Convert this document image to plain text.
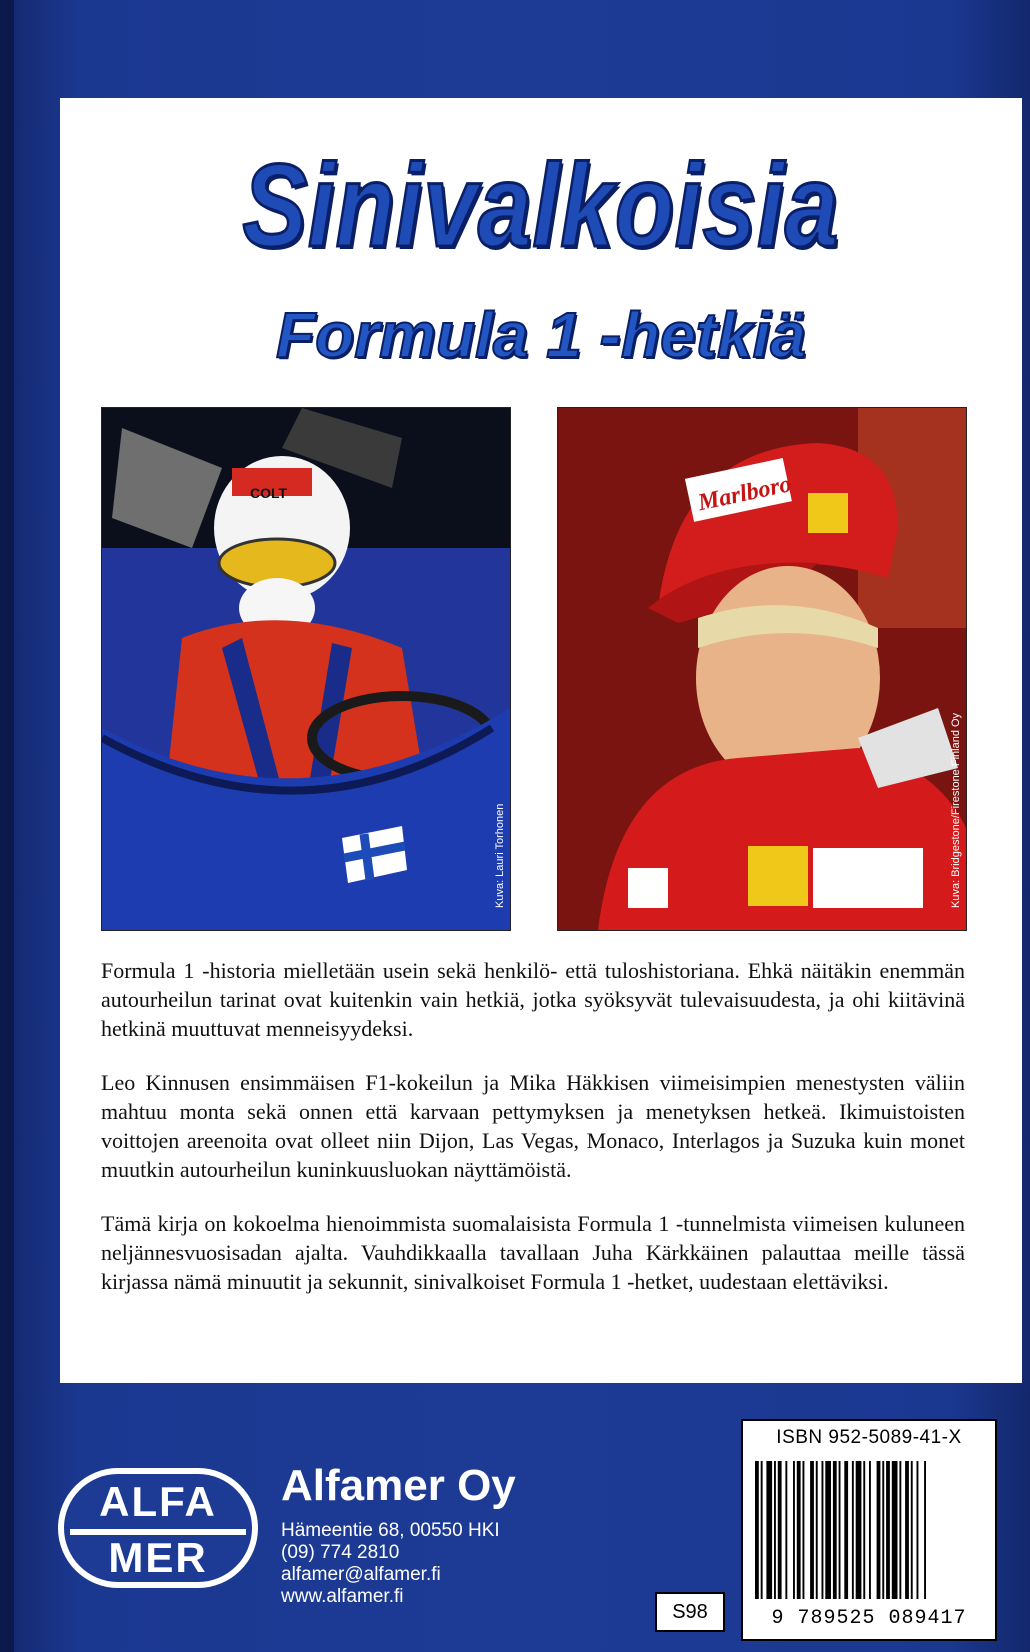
Sinivalkoisia
Formula 1 -hetkiä
COLT
Kuva: Lauri Torhonen
Marlboro
Kuva: Bridgestone/Firestone Finland Oy

Formula 1 -historia mielletään usein sekä henkilö- että tuloshistoriana. Ehkä näitäkin enemmän autourheilun tarinat ovat kuitenkin vain hetkiä, jotka syöksyvät tulevaisuudesta, ja ohi kiitävinä hetkinä muuttuvat menneisyydeksi.

Leo Kinnusen ensimmäisen F1-kokeilun ja Mika Häkkisen viimeisimpien menestysten väliin mahtuu monta sekä onnen että karvaan pettymyksen ja menetyksen hetkeä. Ikimuistoisten voittojen areenoita ovat olleet niin Dijon, Las Vegas, Monaco, Interlagos ja Suzuka kuin monet muutkin autourheilun kuninkuusluokan näyttämöistä.

Tämä kirja on kokoelma hienoimmista suomalaisista Formula 1 -tunnelmista viimeisen kuluneen neljännesvuosisadan ajalta. Vauhdikkaalla tavallaan Juha Kärkkäinen palauttaa meille tässä kirjassa nämä minuutit ja sekunnit, sinivalkoiset Formula 1 -hetket, uudestaan elettäviksi.

ALFA
MER
Alfamer Oy
Hämeentie 68, 00550 HKI
(09) 774 2810
alfamer@alfamer.fi
www.alfamer.fi
S98
ISBN 952-5089-41-X
9 789525 089417
